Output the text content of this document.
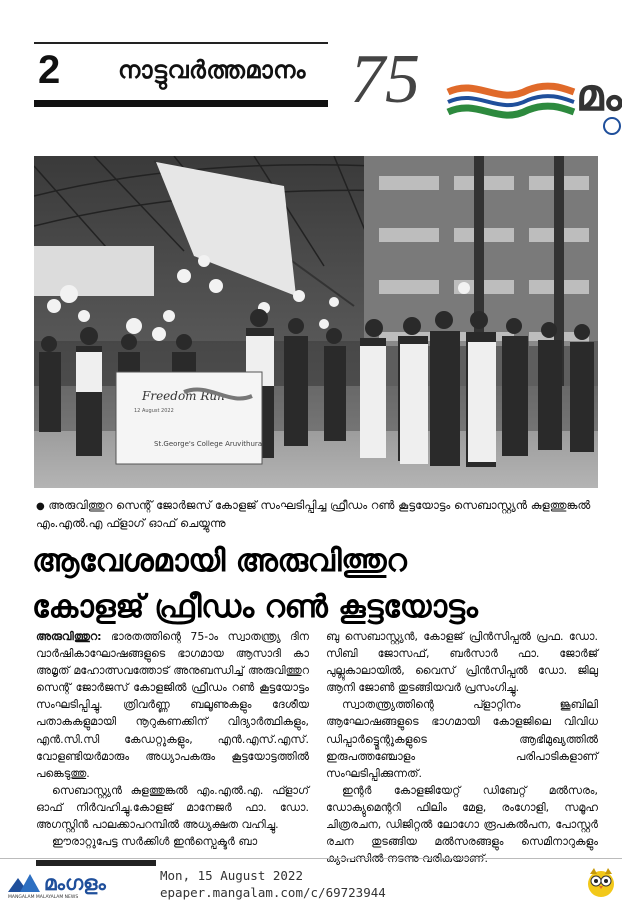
2 നാട്ടുവർത്തമാനം 75	മം
Freedom Run
12 August 2022
St.George's College Aruvithura
● അരുവിത്തുറ സെന്റ് ജോർജസ് കോളജ് സംഘടിപ്പിച്ച ഫ്രീഡം റൺ കൂട്ടയോട്ടം സെബാസ്റ്റ്യൻ കുളത്തുങ്കൽ എം.എൽ.എ ഫ്ളാഗ് ഓഫ് ചെയ്യുന്നു
ആവേശമായി അരുവിത്തുറ
കോളജ് ഫ്രീഡം റൺ കൂട്ടയോട്ടം

അരുവിത്തുറ: ഭാരതത്തിന്റെ 75-ാം സ്വാതന്ത്ര്യ ദിന വാർഷികാഘോഷങ്ങളുടെ ഭാഗമായ ആസാദി കാ അമൃത് മഹോത്സവത്തോട് അനുബന്ധിച്ച് അരുവിത്തുറ സെന്റ് ജോർജസ് കോളജിൽ ഫ്രീഡം റൺ കൂട്ടയോട്ടം സംഘടിപ്പിച്ചു. ത്രിവർണ്ണ ബലൂണുകളും ദേശീയ പതാകകളുമായി നൂറുകണക്കിന് വിദ്യാർത്ഥികളും, എൻ.സി.സി കേഡറ്റുകളും, എൻ.എസ്.എസ്. വോളണ്ടിയർമാരും അധ്യാപകരും കൂട്ടയോട്ടത്തിൽ പങ്കെടുത്തു.

സെബാസ്റ്റ്യൻ കുളത്തുങ്കൽ എം.എൽ.എ. ഫ്ളാഗ് ഓഫ് നിർവഹിച്ചു.കോളജ് മാനേജർ ഫാ. ഡോ. അഗസ്റ്റിൻ പാലക്കാപറമ്പിൽ അധ്യക്ഷത വഹിച്ചു.

ഈരാറ്റുപേട്ട സർക്കിൾ ഇൻസ്പെക്ടർ ബാ

ബു സെബാസ്റ്റ്യൻ, കോളജ് പ്രിൻസിപ്പൽ പ്രഫ. ഡോ. സിബി ജോസഫ്, ബർസാർ ഫാ. ജോർജ് പുല്ലുകാലായിൽ, വൈസ് പ്രിൻസിപ്പൽ ഡോ. ജിലു ആനി ജോൺ തുടങ്ങിയവർ പ്രസംഗിച്ചു.

സ്വാതന്ത്ര്യത്തിന്റെ പ്ളാറ്റിനം ജൂബിലി ആഘോഷങ്ങളുടെ ഭാഗമായി കോളജിലെ വിവിധ ഡിപ്പാർട്ട്മെന്റുകളുടെ ആഭിമുഖ്യത്തിൽ ഇരുപത്തഞ്ചോളം പരിപാടികളാണ് സംഘടിപ്പിക്കുന്നത്.

ഇന്റർ കോളജിയേറ്റ് ഡിബേറ്റ് മൽസരം, ഡോക്യുമെന്ററി ഫിലിം മേള, രംഗോളി, സമൂഹ ചിത്രരചന, ഡിജിറ്റൽ ലോഗോ രൂപകൽപന, പോസ്റ്റർ രചന തുടങ്ങിയ മൽസരങ്ങളും സെമിനാറുകളും

മംഗളം
MANGALAM MALAYALAM NEWS
Mon, 15 August 2022
epaper.mangalam.com/c/69723944
